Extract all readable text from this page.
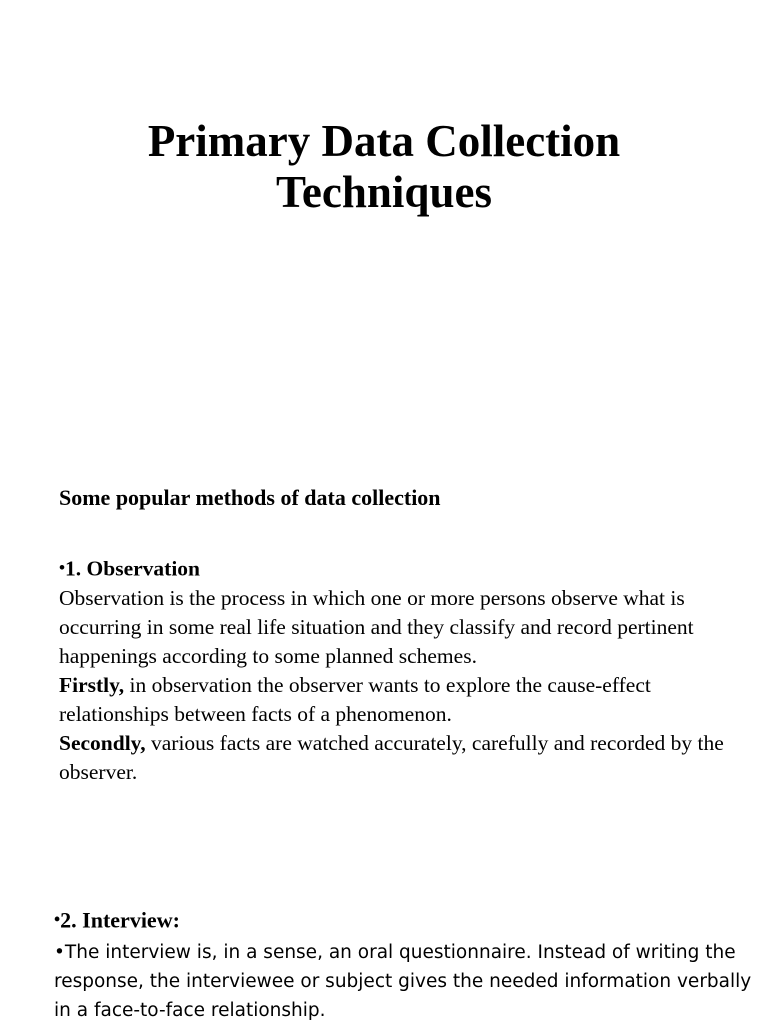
Primary Data Collection
Techniques
Some popular methods of data collection

•1. Observation

Observation is the process in which one or more persons observe what is occurring in some real life situation and they classify and record pertinent happenings according to some planned schemes.

Firstly, in observation the observer wants to explore the cause-effect relationships between facts of a phenomenon.

Secondly, various facts are watched accurately, carefully and recorded by the observer.

•2. Interview:

•The interview is, in a sense, an oral questionnaire. Instead of writing the response, the interviewee or subject gives the needed information verbally in a face-to-face relationship.
